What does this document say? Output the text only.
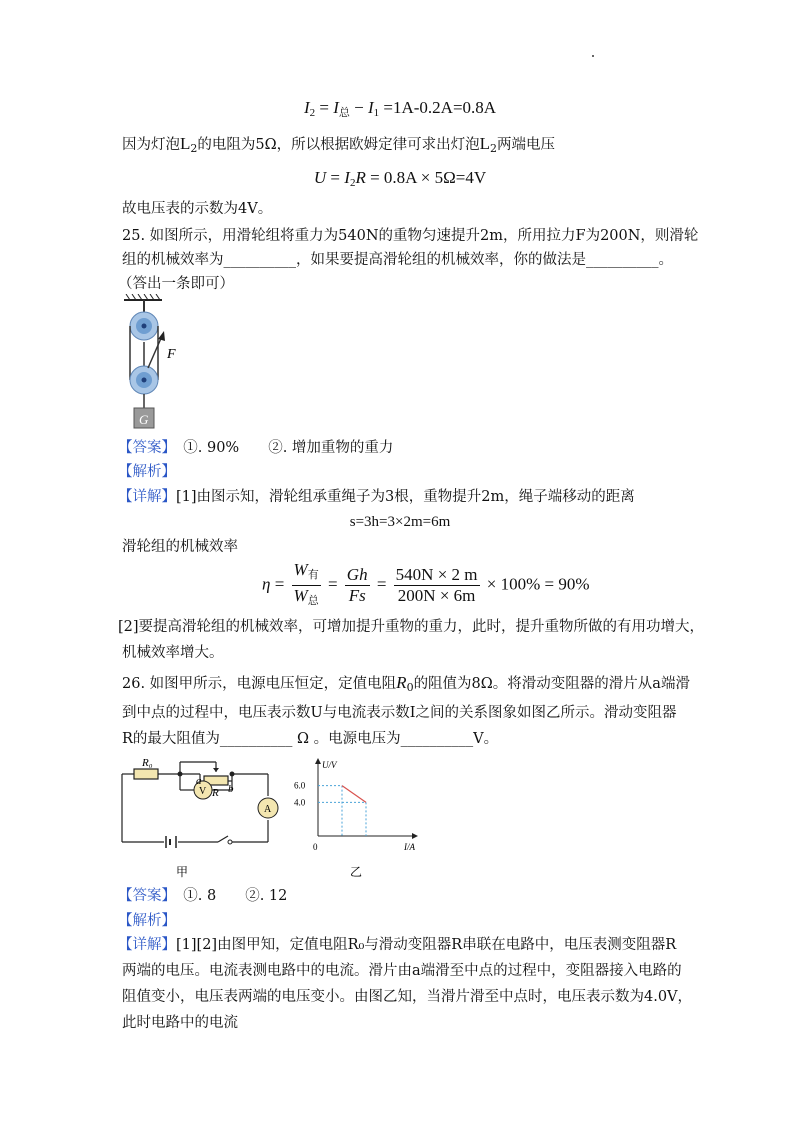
$I_2 = I_总 - I_1 =1A-0.2A=0.8A$
因为灯泡$L_2$的电阻为5Ω，所以根据欧姆定律可求出灯泡$L_2$两端电压
$U = I_2R = 0.8A \times 5\Omega=4V$
故电压表的示数为4V。
25. 如图所示，用滑轮组将重力为540N的重物匀速提升2m，所用拉力F为200N，则滑轮
组的机械效率为__________，如果要提高滑轮组的机械效率，你的做法是__________。
（答出一条即可）
F
G
【答案】　 ①. 90%　　②. 增加重物的重力
【解析】
【详解】[1]由图示知，滑轮组承重绳子为3根，重物提升2m，绳子端移动的距离
s=3h=3×2m=6m
滑轮组的机械效率
$\eta = \frac{W_有}{W_总} = \frac{Gh}{Fs} = \frac{540N \times 2 m}{200N \times 6m} \times 100\% = 90\%$
[2]要提高滑轮组的机械效率，可增加提升重物的重力，此时，提升重物所做的有用功增大，
机械效率增大。
26. 如图甲所示，电源电压恒定，定值电阻$R_0$的阻值为8Ω。将滑动变阻器的滑片从a端滑
到中点的过程中，电压表示数U与电流表示数I之间的关系图象如图乙所示。滑动变阻器
R的最大阻值为__________ Ω 。电源电压为__________V。
R₀
a
R b
V
A
甲
U/V
I/A
0
乙
6.0
4.0
【答案】　 ①. 8　　②. 12
【解析】
【详解】[1][2]由图甲知，定值电阻R₀与滑动变阻器R串联在电路中，电压表测变阻器R
两端的电压。电流表测电路中的电流。滑片由a端滑至中点的过程中，变阻器接入电路的
阻值变小，电压表两端的电压变小。由图乙知，当滑片滑至中点时，电压表示数为4.0V，
此时电路中的电流
